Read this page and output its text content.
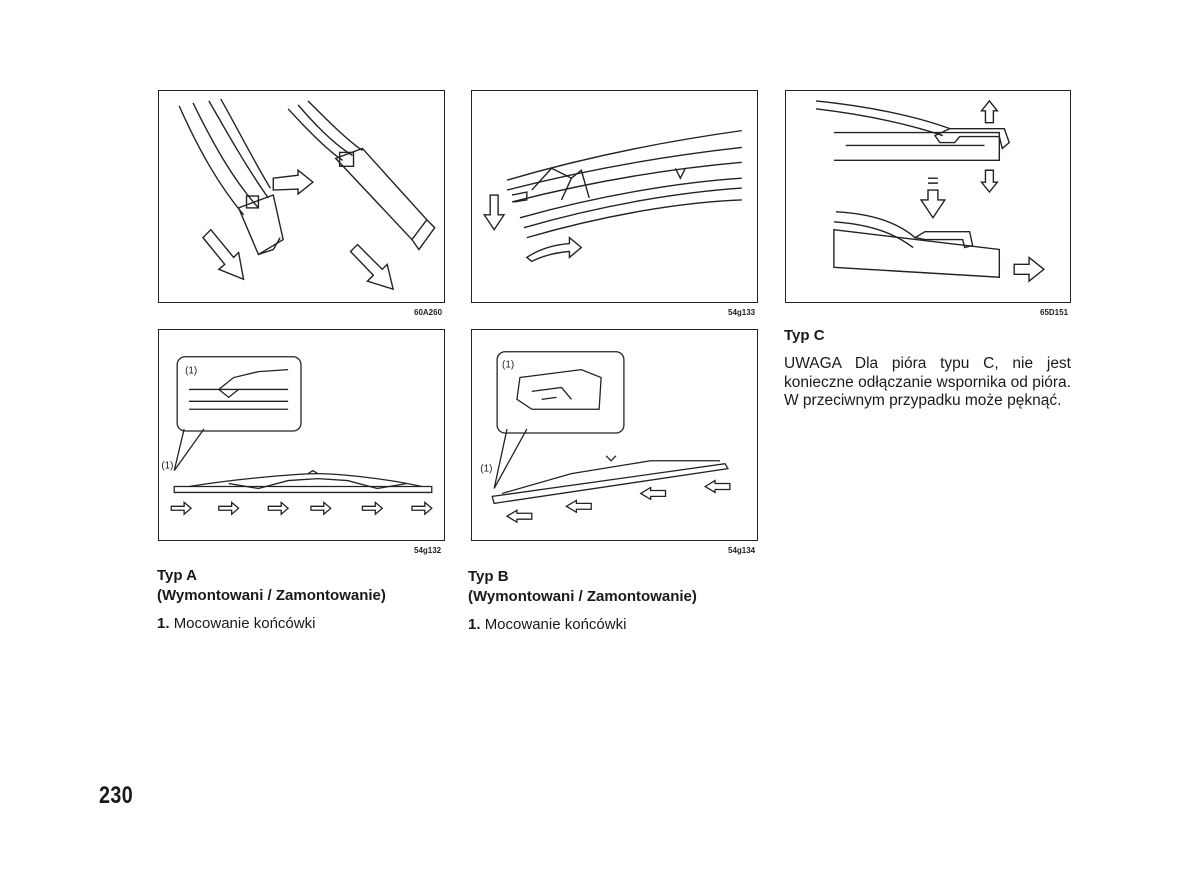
60A260	54g133	65D151
(1)
(1)
54g132
(1)
(1)
54g134
Typ A
(Wymontowani / Zamontowanie)
1. Mocowanie końcówki
Typ B
(Wymontowani / Zamontowanie)
1. Mocowanie końcówki
Typ C
UWAGA Dla pióra typu C, nie jest konieczne odłączanie wspornika od pióra. W przeciwnym przypadku może pęknąć.
230
